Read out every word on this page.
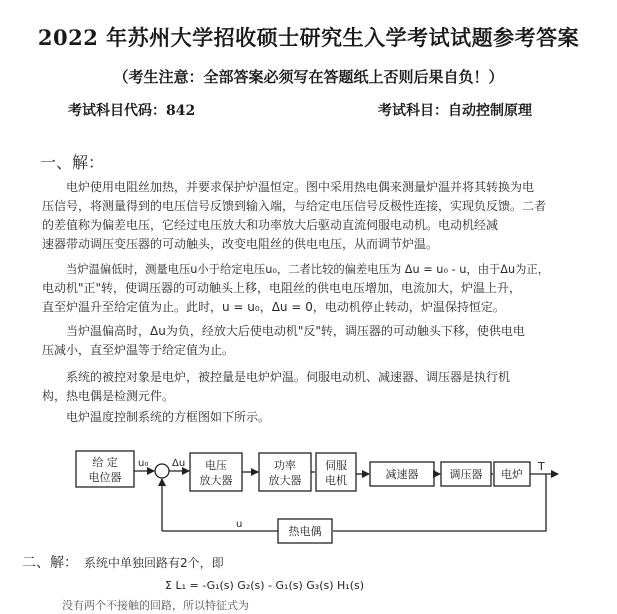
2022 年苏州大学招收硕士研究生入学考试试题参考答案
（考生注意：全部答案必须写在答题纸上否则后果自负！）
考试科目代码：842	考试科目：自动控制原理
一、解：
电炉使用电阻丝加热，并要求保护炉温恒定。图中采用热电偶来测量炉温并将其转换为电
压信号，将测量得到的电压信号反馈到输入端，与给定电压信号反极性连接，实现负反馈。二者
的差值称为偏差电压，它经过电压放大和功率放大后驱动直流伺服电动机。电动机经减
速器带动调压变压器的可动触头，改变电阻丝的供电电压，从而调节炉温。
当炉温偏低时，测量电压u小于给定电压u₀，二者比较的偏差电压为 Δu = u₀ - u，由于Δu为正，
电动机"正"转，使调压器的可动触头上移，电阻丝的供电电压增加，电流加大，炉温上升，
直至炉温升至给定值为止。此时，u = u₀，Δu = 0，电动机停止转动，炉温保持恒定。
当炉温偏高时，Δu为负，经放大后使电动机"反"转，调压器的可动触头下移，使供电电
压减小，直至炉温等于给定值为止。
系统的被控对象是电炉，被控量是电炉炉温。伺服电动机、减速器、调压器是执行机
构，热电偶是检测元件。
电炉温度控制系统的方框图如下所示。
给 定
电位器
电压
放大器
功率
放大器
伺服
电机	减速器	调压器 电炉
热电偶
u₀ Δu
u
T
二、解： 系统中单独回路有2个，即
Σ L₁ = -G₁(s) G₂(s) - G₁(s) G₃(s) H₁(s)
没有两个不接触的回路，所以特征式为
